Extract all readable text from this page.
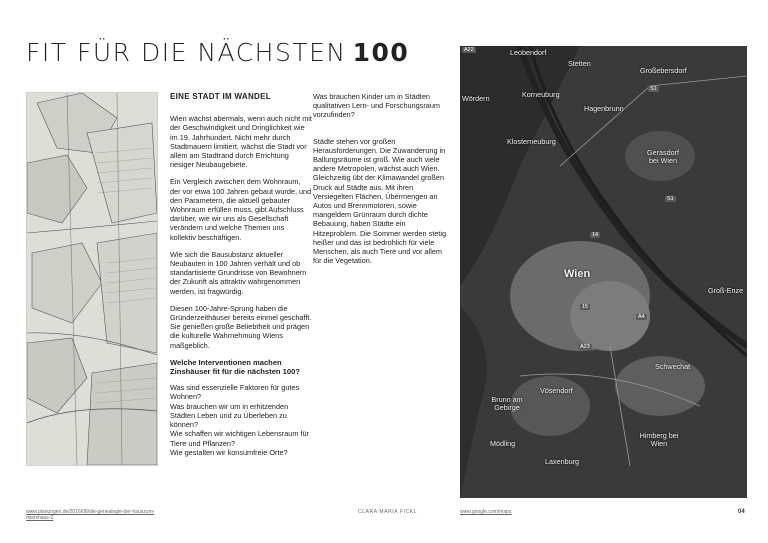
FIT FÜR DIE NÄCHSTEN 100
EINE STADT IM WANDEL

Wien wächst abermals, wenn auch nicht mit der Geschwindigkeit und Dringlichkeit wie im 19. Jahrhundert. Nicht mehr durch Stadtmauern limitiert, wächst die Stadt vor allem am Stadtrand durch Errichtung riesiger Neubaugebiete.

Ein Vergleich zwischen dem Wohnraum, der vor etwa 100 Jahren gebaut wurde, und den Parametern, die aktuell gebauter Wohnraum erfüllen muss, gibt Aufschluss darüber, wie wir uns als Gesellschaft verändern und welche Themen uns kollektiv beschäftigen.

Wie sich die Bausubstanz aktueller Neubauten in 100 Jahren verhält und ob standartisierte Grundrisse von Bewohnern der Zukunft als attraktiv wahrgenommen werden, ist fragwürdig.

Diesen 100-Jahre-Sprung haben die Gründerzeithäuser bereits einmel geschafft. Sie genießen große Beliebtheit und prägen die kulturelle Wahrnehmung Wiens maßgeblich.

Welche Interventionen machen Zinshäuser fit für die nächsten 100?
Was sind essenzielle Faktoren für gutes Wohnen?
Was brauchen wir um in erhitzenden Städten Leben und zu Überleben zu können?
Wie schaffen wir wichtigen Lebensraum für Tiere und Pflanzen?
Wie gestalten wir konsumfreie Orte?

Was brauchen Kinder um in Städten qualitativen Lern- und Forschungsraum vorzufinden?

Städte stehen vor großen Herausforderungen. Die Zuwanderung in Ballungsräume ist groß. Wie auch viele andere Metropolen, wächst auch Wien.

Gleichzeitig übt der Klimawandel großen Druck auf Städte aus. Mit ihren Versiegelten Flächen, Übermengen an Autos und Brennmotoren, sowie mangeldem Grünraum durch dichte Bebauung, haben Städte ein Hitzeproblem. Die Sommer werden stetig heißer und das ist bedrohlich für viele Menschen, als auch Tiere und vor allem für die Vegetation.

A22
S1
A23
A4
14
15
S1
Leobendorf
Stetten
Großebersdorf
Wördern	Korneuburg
Hagenbrunn
Klosterneuburg
Gerasdorf bei Wien
Wien
Groß-Enze
Schwechat
Vösendorf
Brunn am Gebirge
Mödling
Himberg bei Wien
Laxenburg
www.planungen.de/2016/08/die-genealogie-der-hauszum-mietshaus-2
CLARA MARIA FICKL	www.google.com/maps	04
